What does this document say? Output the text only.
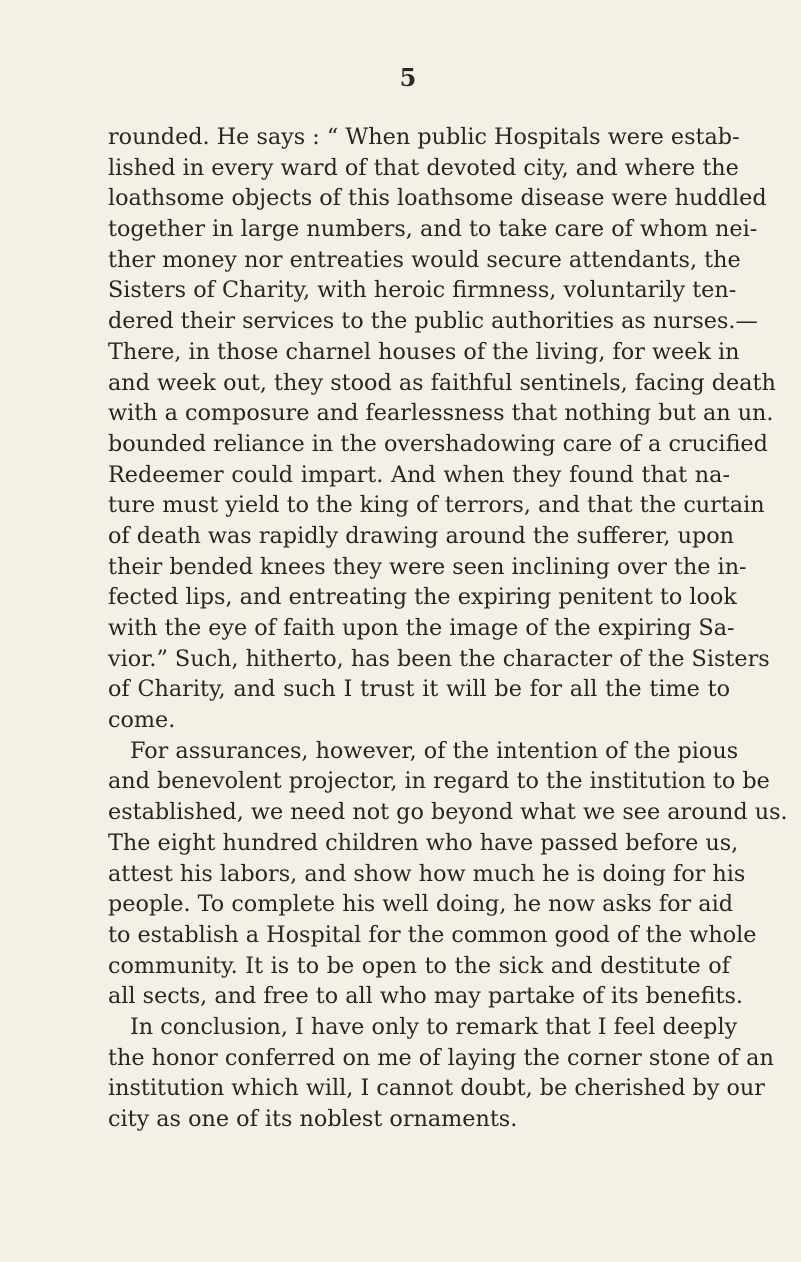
5
rounded. He says : “ When public Hospitals were estab-
lished in every ward of that devoted city, and where the
loathsome objects of this loathsome disease were huddled
together in large numbers, and to take care of whom nei-
ther money nor entreaties would secure attendants, the
Sisters of Charity, with heroic firmness, voluntarily ten-
dered their services to the public authorities as nurses.—
There, in those charnel houses of the living, for week in
and week out, they stood as faithful sentinels, facing death
with a composure and fearlessness that nothing but an un.
bounded reliance in the overshadowing care of a crucified
Redeemer could impart. And when they found that na-
ture must yield to the king of terrors, and that the curtain
of death was rapidly drawing around the sufferer, upon
their bended knees they were seen inclining over the in-
fected lips, and entreating the expiring penitent to look
with the eye of faith upon the image of the expiring Sa-
vior.” Such, hitherto, has been the character of the Sisters
of Charity, and such I trust it will be for all the time to
come.
For assurances, however, of the intention of the pious
and benevolent projector, in regard to the institution to be
established, we need not go beyond what we see around us.
The eight hundred children who have passed before us,
attest his labors, and show how much he is doing for his
people. To complete his well doing, he now asks for aid
to establish a Hospital for the common good of the whole
community. It is to be open to the sick and destitute of
all sects, and free to all who may partake of its benefits.
In conclusion, I have only to remark that I feel deeply
the honor conferred on me of laying the corner stone of an
institution which will, I cannot doubt, be cherished by our
city as one of its noblest ornaments.
